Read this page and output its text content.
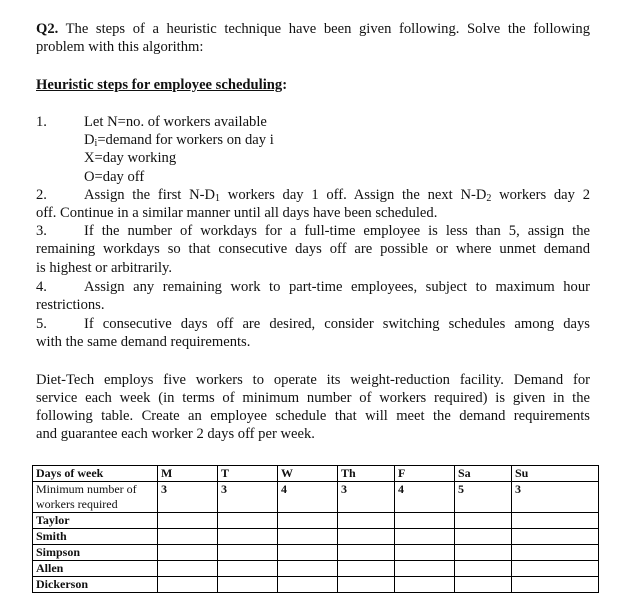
Q2. The steps of a heuristic technique have been given following. Solve the following
problem with this algorithm:
Heuristic steps for employee scheduling:
1.	Let N=no. of workers available
$D_i=demand$ for workers on day i
X=day working
O=day off
2.	Assign the first $N-D_1$ workers day 1 off. Assign the next $N-D_2$ workers day 2
off. Continue in a similar manner until all days have been scheduled.
3.	If the number of workdays for a full-time employee is less than 5, assign the
remaining workdays so that consecutive days off are possible or where unmet demand
is highest or arbitrarily.
4.	Assign any remaining work to part-time employees, subject to maximum hour
restrictions.
5.	If consecutive days off are desired, consider switching schedules among days
with the same demand requirements.
Diet-Tech employs five workers to operate its weight-reduction facility. Demand for
service each week (in terms of minimum number of workers required) is given in the
following table. Create an employee schedule that will meet the demand requirements
and guarantee each worker 2 days off per week.
Days of week	M	T	W	Th	F	Sa	Su
Minimum number of
workers required	3	3	4	3	4	5	3
Taylor							
Smith							
Simpson							
Allen							
Dickerson							
